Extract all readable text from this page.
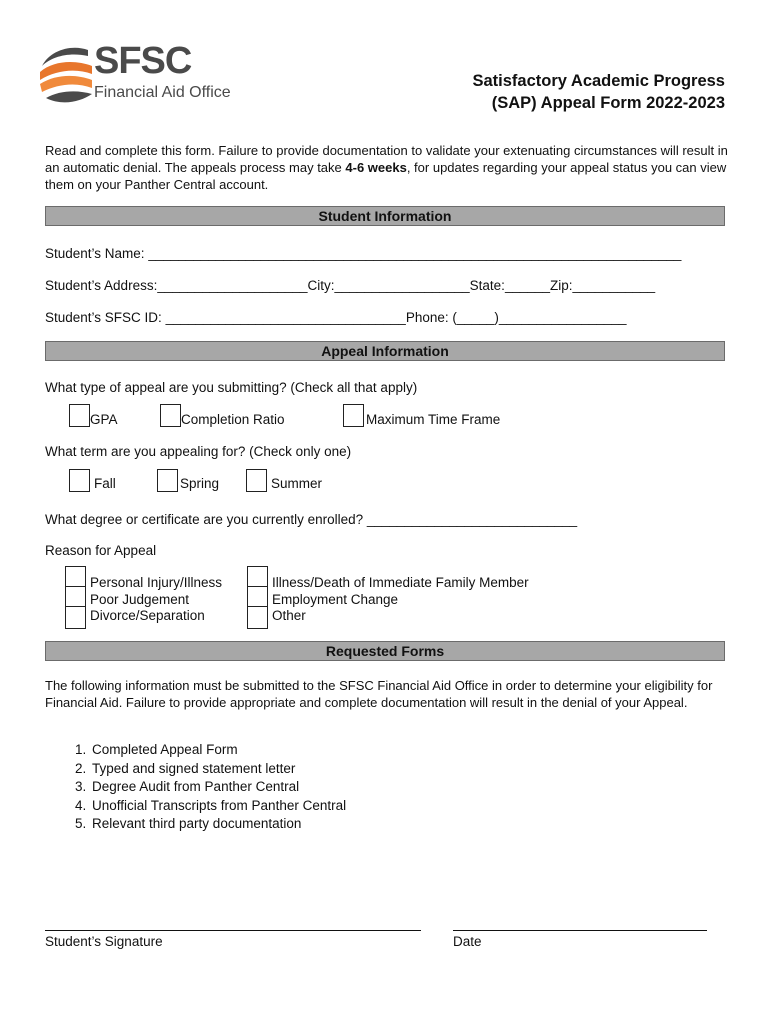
SFSC
Financial Aid Office
Satisfactory Academic Progress
(SAP) Appeal Form 2022-2023
Read and complete this form. Failure to provide documentation to validate your extenuating circumstances will result in an automatic denial. The appeals process may take 4-6 weeks, for updates regarding your appeal status you can view them on your Panther Central account.
Student Information
Student’s Name: _______________________________________________________________________
Student’s Address:____________________City:__________________State:______Zip:___________
Student’s SFSC ID: ________________________________Phone: (_____)_________________
Appeal Information
What type of appeal are you submitting? (Check all that apply)
GPA	Completion Ratio	Maximum Time Frame
What term are you appealing for? (Check only one)
Fall	Spring	Summer
What degree or certificate are you currently enrolled? ____________________________
Reason for Appeal
Personal Injury/Illness
Poor Judgement
Divorce/Separation
Illness/Death of Immediate Family Member
Employment Change
Other
Requested Forms
The following information must be submitted to the SFSC Financial Aid Office in order to determine your eligibility for Financial Aid. Failure to provide appropriate and complete documentation will result in the denial of your Appeal.
1. Completed Appeal Form
2. Typed and signed statement letter
3. Degree Audit from Panther Central
4. Unofficial Transcripts from Panther Central
5. Relevant third party documentation
Student’s Signature	Date
